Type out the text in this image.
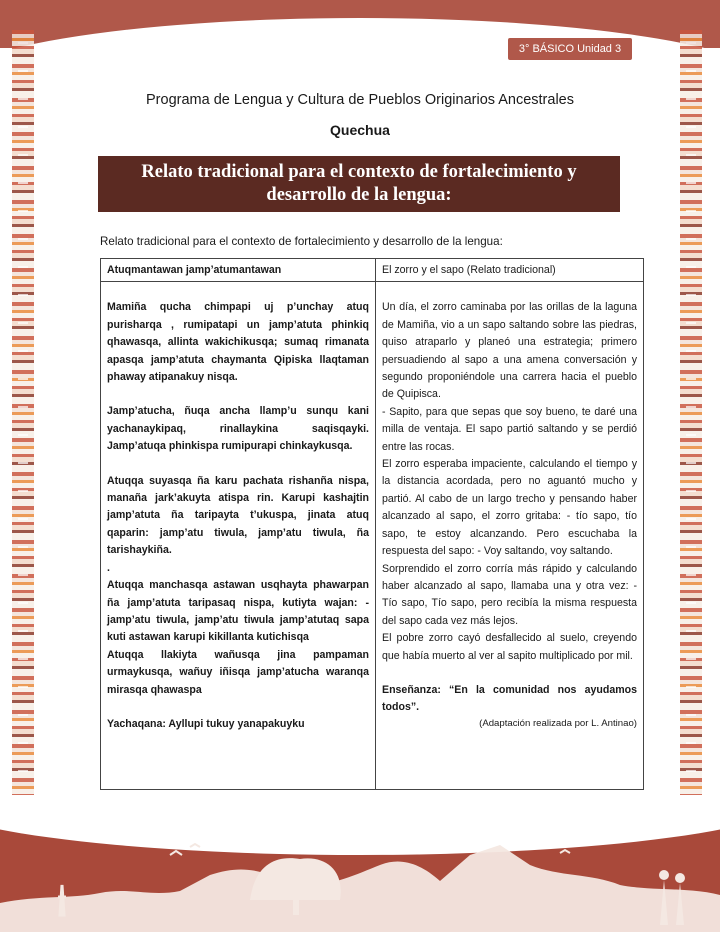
3° BÁSICO Unidad 3
Programa de Lengua y Cultura de Pueblos Originarios Ancestrales
Quechua
Relato tradicional para el contexto de fortalecimiento y
desarrollo de la lengua:
Relato tradicional para el contexto de fortalecimiento y desarrollo de la lengua:
Atuqmantawan jamp’atumantawan

Mamiña qucha chimpapi uj p’unchay atuq purisharqa , rumipatapi un jamp’atuta phinkiq qhawasqa, allinta wakichikusqa; sumaq rimanata apasqa jamp’atuta chaymanta Qipiska llaqtaman phaway atipanakuy nisqa.

Jamp’atucha, ñuqa ancha llamp’u sunqu kani yachanaykipaq, rinallaykina saqisqayki. Jamp’atuqa phinkispa rumipurapi chinkaykusqa.

Atuqqa suyasqa ña karu pachata rishanña nispa, manaña jark’akuyta atispa rin. Karupi kashajtin jamp’atuta ña taripayta t’ukuspa, jinata atuq qaparin: jamp’atu tiwula, jamp’atu tiwula, ña tarishaykiña.

.

Atuqqa manchasqa astawan usqhayta phawarpan ña jamp’atuta taripasaq nispa, kutiyta wajan: - jamp’atu tiwula, jamp’atu tiwula jamp’atutaq sapa kuti astawan karupi kikillanta kutichisqa

Atuqqa llakiyta wañusqa jina pampaman urmaykusqa, wañuy iñisqa jamp’atucha waranqa mirasqa qhawaspa

Yachaqana: Ayllupi tukuy yanapakuyku

El zorro y el sapo (Relato tradicional)

Un día, el zorro caminaba por las orillas de la laguna de Mamiña, vio a un sapo saltando sobre las piedras, quiso atraparlo y planeó una estrategia; primero persuadiendo al sapo a una amena conversación y segundo proponiéndole una carrera hacia el pueblo de Quipisca.

- Sapito, para que sepas que soy bueno, te daré una milla de ventaja. El sapo partió saltando y se perdió entre las rocas.

El zorro esperaba impaciente, calculando el tiempo y la distancia acordada, pero no aguantó mucho y partió. Al cabo de un largo trecho y pensando haber alcanzado al sapo, el zorro gritaba: - tío sapo, tío sapo, te estoy alcanzando. Pero escuchaba la respuesta del sapo: - Voy saltando, voy saltando.

Sorprendido el zorro corría más rápido y calculando haber alcanzado al sapo, llamaba una y otra vez: - Tío sapo, Tío sapo, pero recibía la misma respuesta del sapo cada vez más lejos.

El pobre zorro cayó desfallecido al suelo, creyendo que había muerto al ver al sapito multiplicado por mil.

Enseñanza: “En la comunidad nos ayudamos todos”.

(Adaptación realizada por L. Antinao)
